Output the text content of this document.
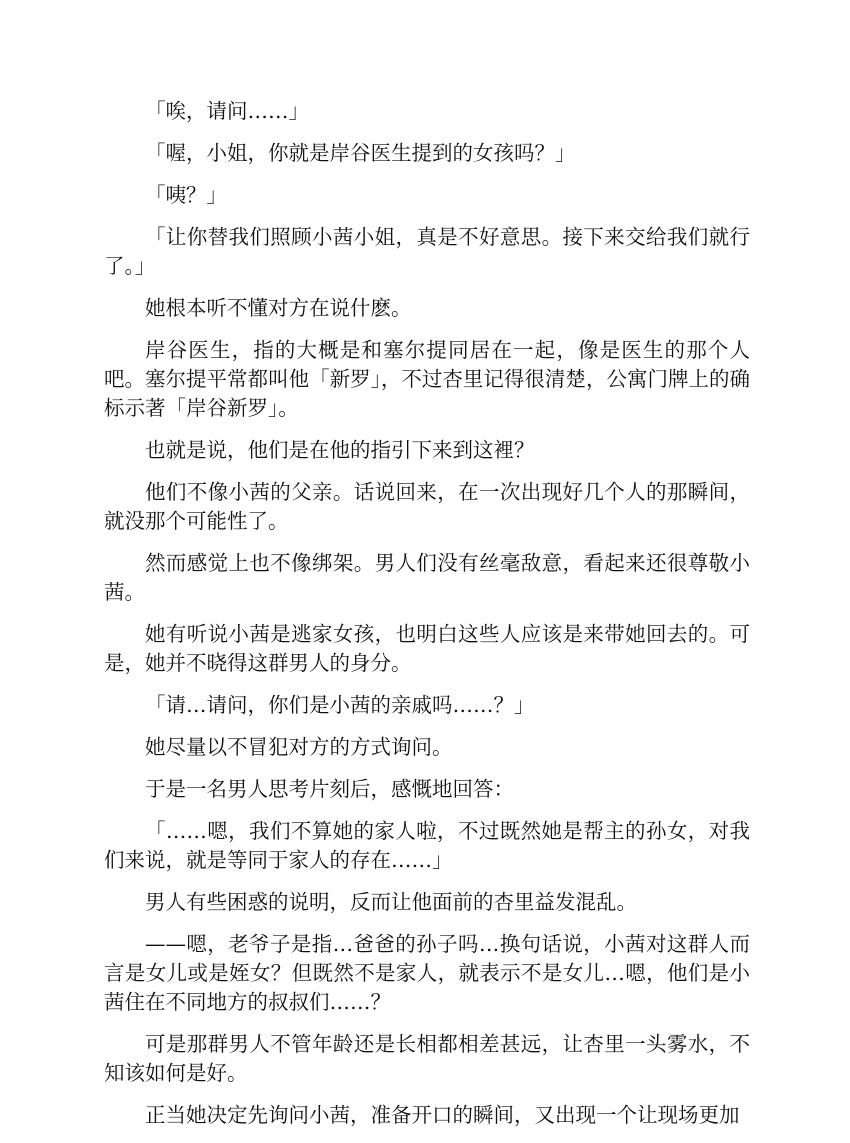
「唉，请问……」

「喔，小姐，你就是岸谷医生提到的女孩吗？」

「咦？」

「让你替我们照顾小茜小姐，真是不好意思。接下来交给我们就行了。」

她根本听不懂对方在说什麽。

岸谷医生，指的大概是和塞尔提同居在一起，像是医生的那个人吧。塞尔提平常都叫他「新罗」，不过杏里记得很清楚，公寓门牌上的确标示著「岸谷新罗」。

也就是说，他们是在他的指引下来到这裡？

他们不像小茜的父亲。话说回来，在一次出现好几个人的那瞬间，就没那个可能性了。

然而感觉上也不像绑架。男人们没有丝毫敌意，看起来还很尊敬小茜。

她有听说小茜是逃家女孩，也明白这些人应该是来带她回去的。可是，她并不晓得这群男人的身分。

「请…请问，你们是小茜的亲戚吗……？」

她尽量以不冒犯对方的方式询问。

于是一名男人思考片刻后，感慨地回答：

「……嗯，我们不算她的家人啦，不过既然她是帮主的孙女，对我们来说，就是等同于家人的存在……」

男人有些困惑的说明，反而让他面前的杏里益发混乱。

——嗯，老爷子是指…爸爸的孙子吗…换句话说，小茜对这群人而言是女儿或是姪女？但既然不是家人，就表示不是女儿…嗯，他们是小茜住在不同地方的叔叔们……？

可是那群男人不管年龄还是长相都相差甚远，让杏里一头雾水，不知该如何是好。

正当她决定先询问小茜，准备开口的瞬间，又出现一个让现场更加
